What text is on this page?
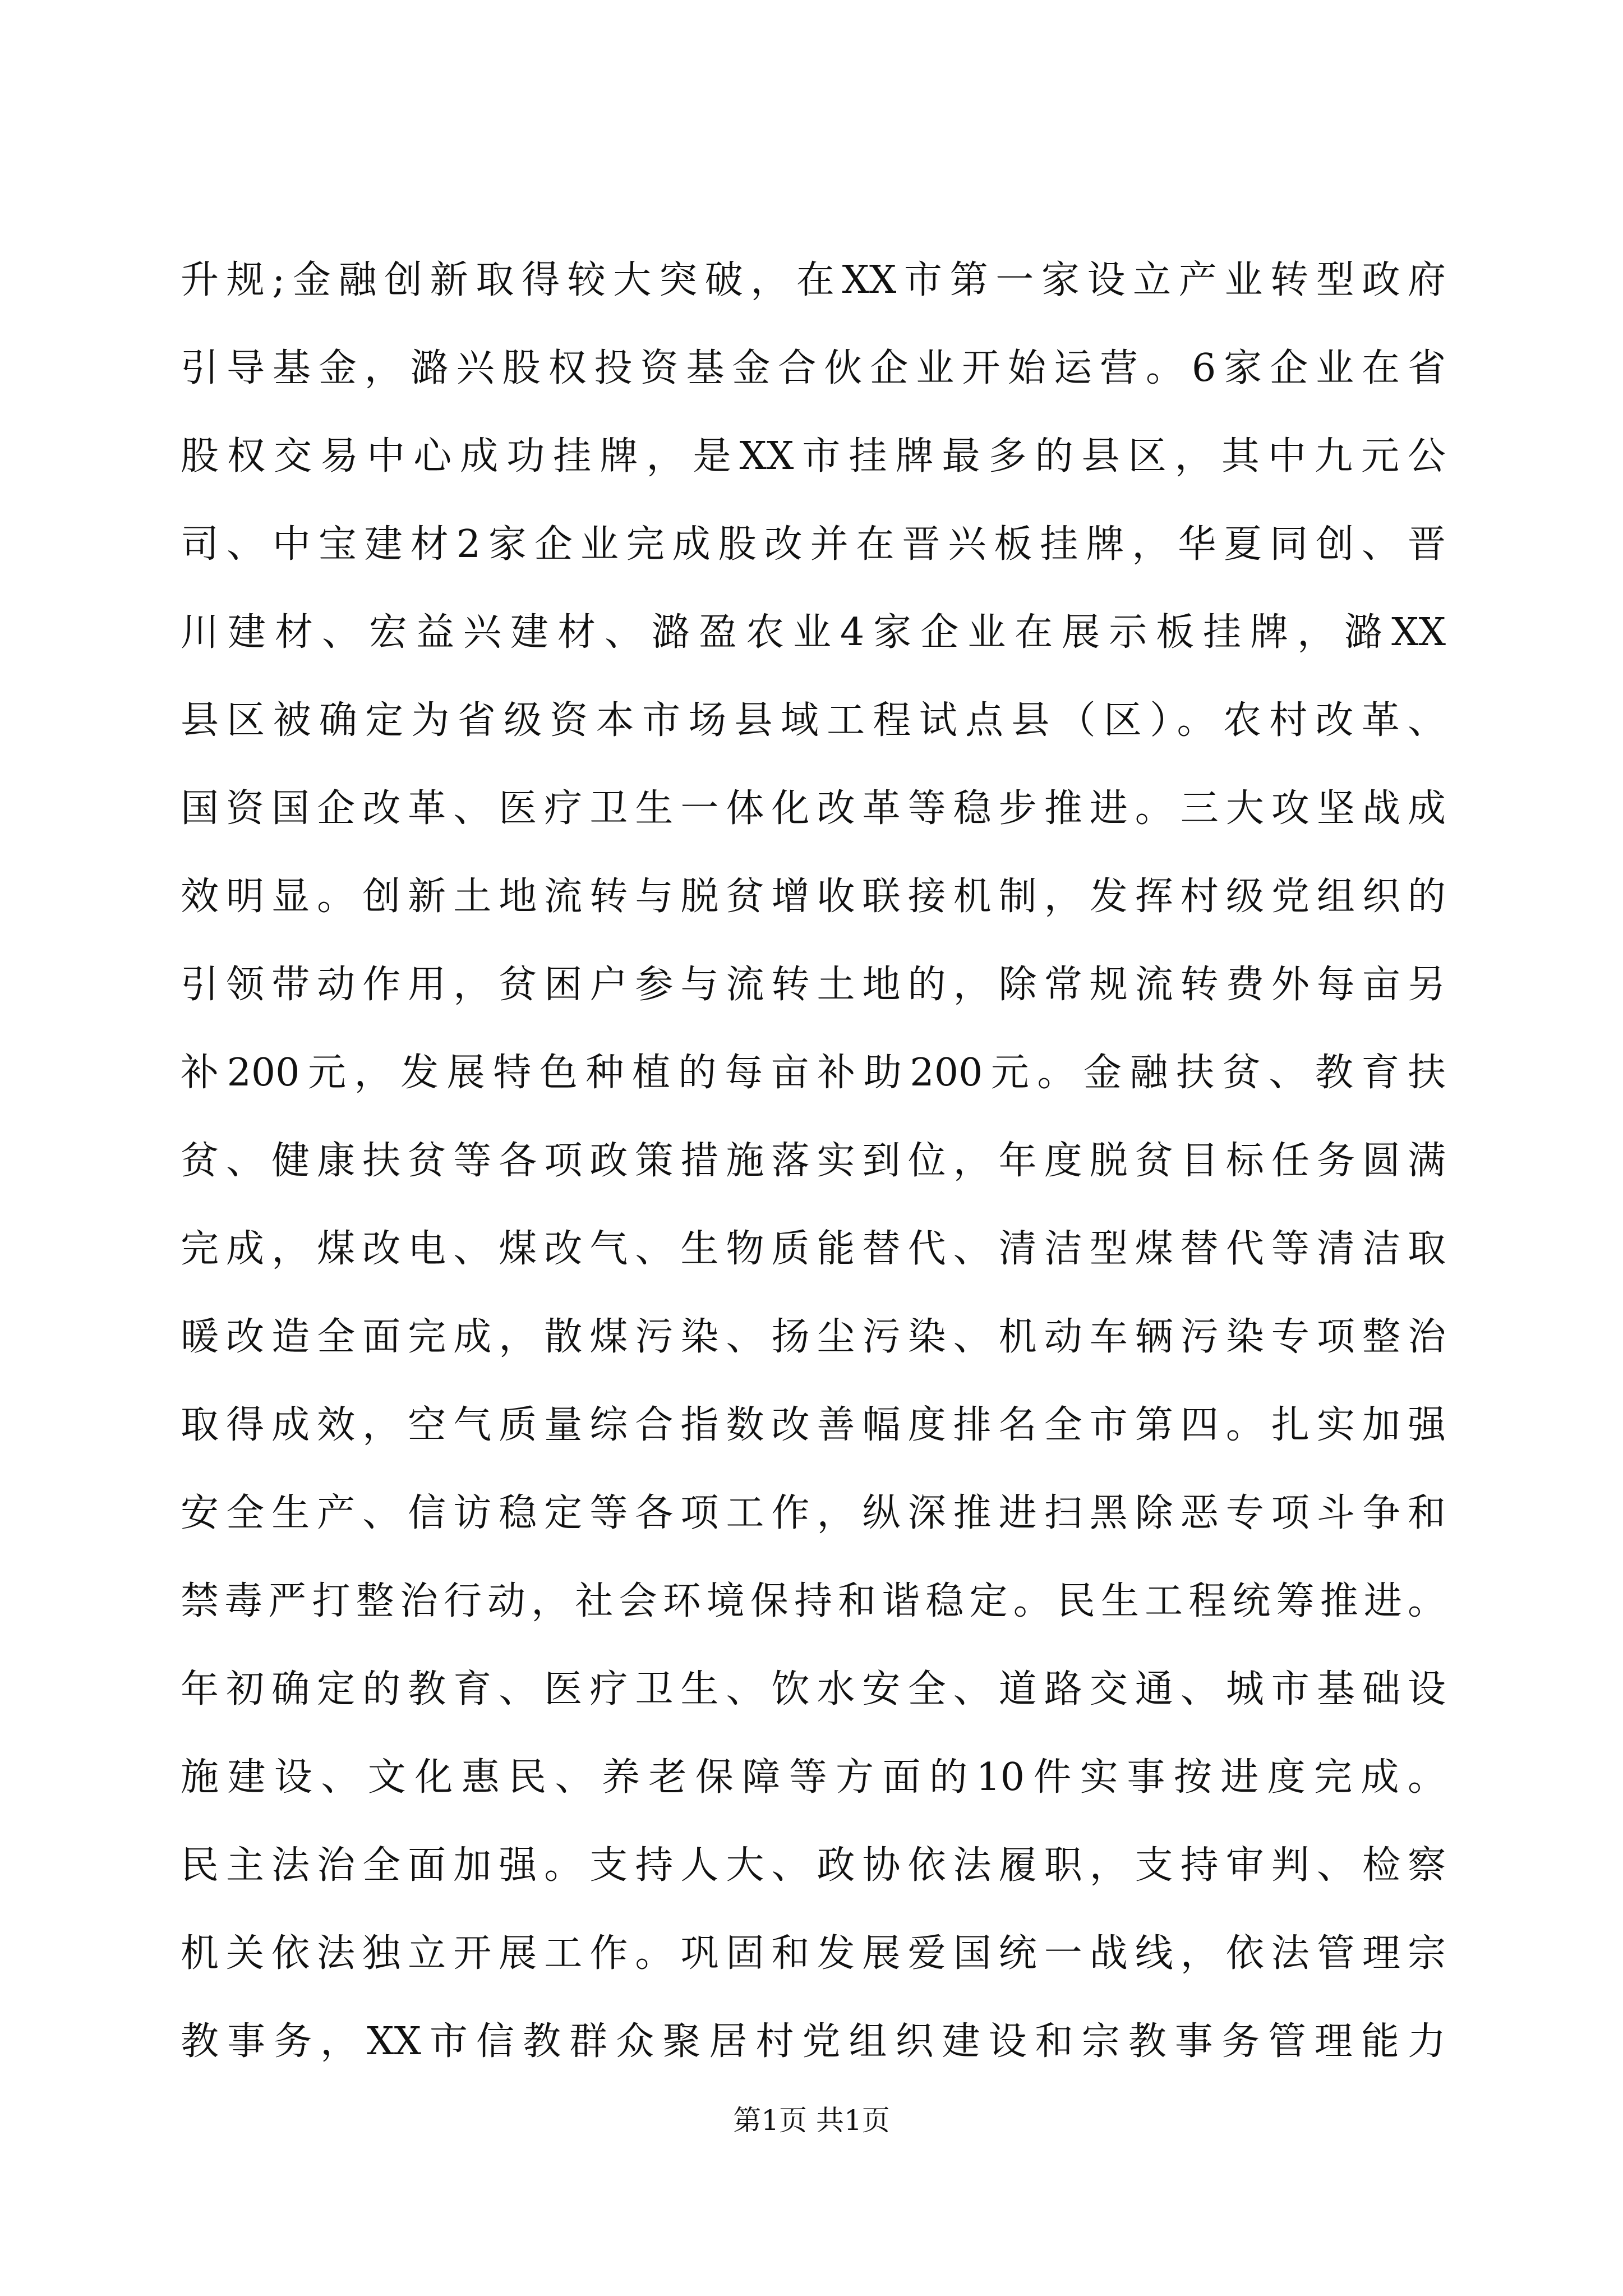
升规;金融创新取得较大突破，在XX市第一家设立产业转型政府
引导基金，潞兴股权投资基金合伙企业开始运营。6家企业在省
股权交易中心成功挂牌，是XX市挂牌最多的县区，其中九元公
司、中宝建材2家企业完成股改并在晋兴板挂牌，华夏同创、晋
川建材、宏益兴建材、潞盈农业4家企业在展示板挂牌，潞XX
县区被确定为省级资本市场县域工程试点县（区）。农村改革、
国资国企改革、医疗卫生一体化改革等稳步推进。三大攻坚战成
效明显。创新土地流转与脱贫增收联接机制，发挥村级党组织的
引领带动作用，贫困户参与流转土地的，除常规流转费外每亩另
补200元，发展特色种植的每亩补助200元。金融扶贫、教育扶
贫、健康扶贫等各项政策措施落实到位，年度脱贫目标任务圆满
完成，煤改电、煤改气、生物质能替代、清洁型煤替代等清洁取
暖改造全面完成，散煤污染、扬尘污染、机动车辆污染专项整治
取得成效，空气质量综合指数改善幅度排名全市第四。扎实加强
安全生产、信访稳定等各项工作，纵深推进扫黑除恶专项斗争和
禁毒严打整治行动，社会环境保持和谐稳定。民生工程统筹推进。
年初确定的教育、医疗卫生、饮水安全、道路交通、城市基础设
施建设、文化惠民、养老保障等方面的10件实事按进度完成。
民主法治全面加强。支持人大、政协依法履职，支持审判、检察
机关依法独立开展工作。巩固和发展爱国统一战线，依法管理宗
教事务，XX市信教群众聚居村党组织建设和宗教事务管理能力
第1页 共1页
